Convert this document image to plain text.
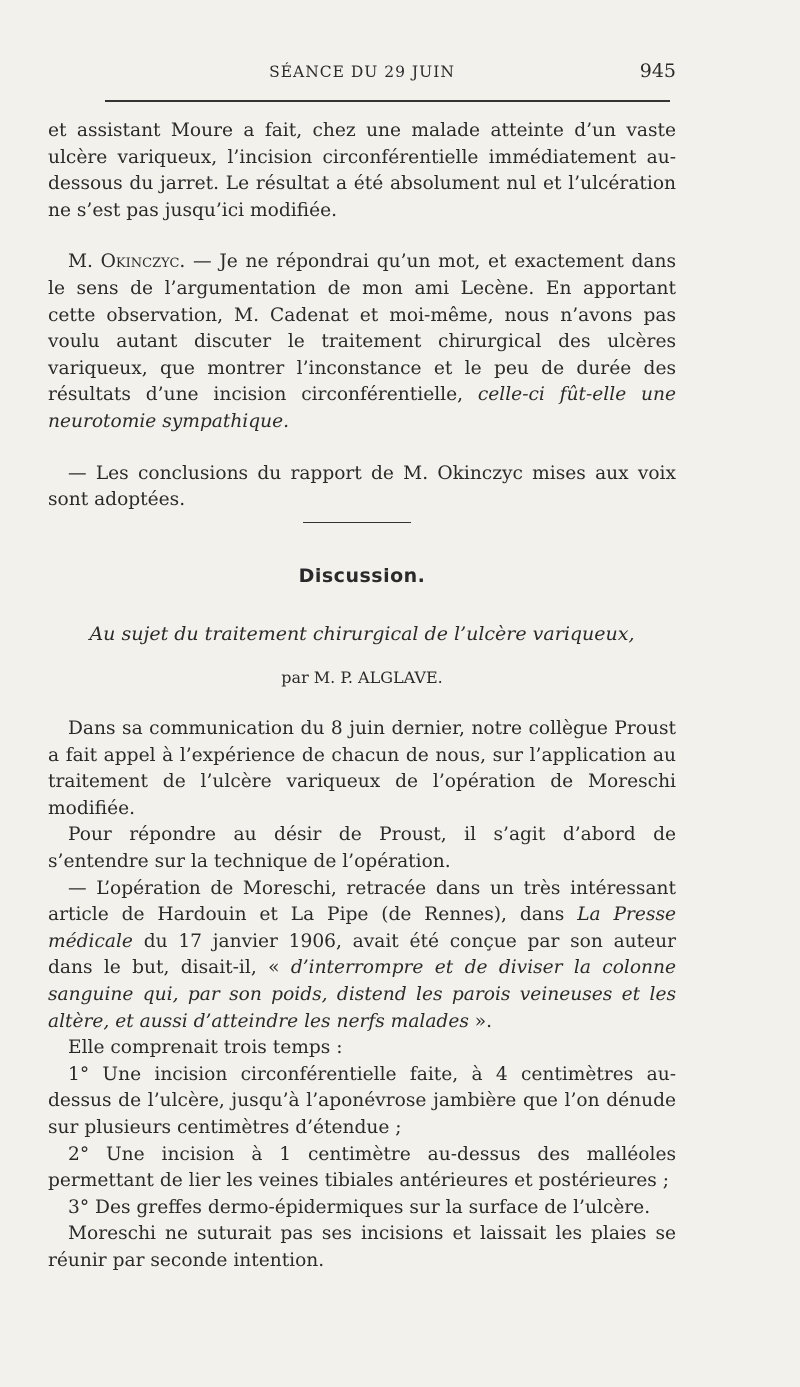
SÉANCE DU 29 JUIN	945

et assistant Moure a fait, chez une malade atteinte d’un vaste ulcère variqueux, l’incision circonférentielle immédiatement au-dessous du jarret. Le résultat a été absolument nul et l’ulcération ne s’est pas jusqu’ici modifiée.

M. Okinczyc. — Je ne répondrai qu’un mot, et exactement dans le sens de l’argumentation de mon ami Lecène. En apportant cette observation, M. Cadenat et moi-même, nous n’avons pas voulu autant discuter le traitement chirurgical des ulcères variqueux, que montrer l’inconstance et le peu de durée des résultats d’une incision circonférentielle, celle-ci fût-elle une neurotomie sympathique.

— Les conclusions du rapport de M. Okinczyc mises aux voix sont adoptées.

Discussion.
Au sujet du traitement chirurgical de l’ulcère variqueux,
par M. P. ALGLAVE.

Dans sa communication du 8 juin dernier, notre collègue Proust a fait appel à l’expérience de chacun de nous, sur l’application au traitement de l’ulcère variqueux de l’opération de Moreschi modifiée.

Pour répondre au désir de Proust, il s’agit d’abord de s’entendre sur la technique de l’opération.

— L’opération de Moreschi, retracée dans un très intéressant article de Hardouin et La Pipe (de Rennes), dans La Presse médicale du 17 janvier 1906, avait été conçue par son auteur dans le but, disait-il, « d’interrompre et de diviser la colonne sanguine qui, par son poids, distend les parois veineuses et les altère, et aussi d’atteindre les nerfs malades ».

Elle comprenait trois temps :

1° Une incision circonférentielle faite, à 4 centimètres au-dessus de l’ulcère, jusqu’à l’aponévrose jambière que l’on dénude sur plusieurs centimètres d’étendue ;

2° Une incision à 1 centimètre au-dessus des malléoles permettant de lier les veines tibiales antérieures et postérieures ;

3° Des greffes dermo-épidermiques sur la surface de l’ulcère.

Moreschi ne suturait pas ses incisions et laissait les plaies se réunir par seconde intention.
